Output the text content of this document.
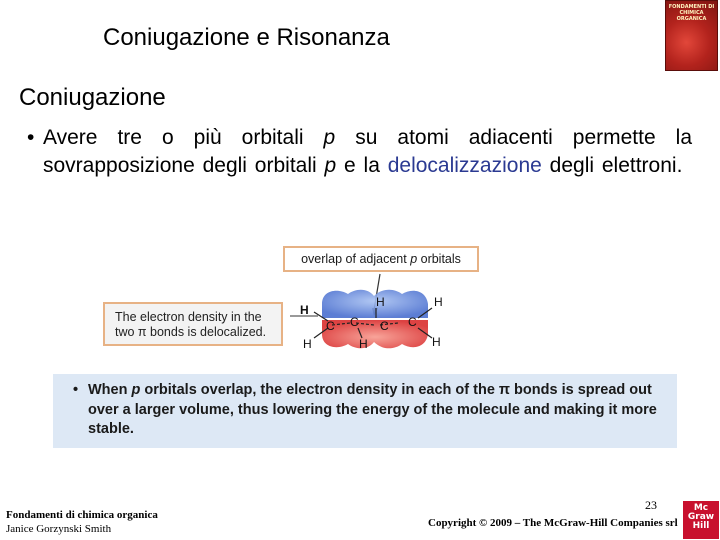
Coniugazione e Risonanza
FONDAMENTI DI CHIMICA ORGANICA
Coniugazione
• Avere tre o più orbitali p su atomi adiacenti permette la sovrapposizione degli orbitali p e la delocalizzazione degli elettroni.
overlap of adjacent p orbitals
The electron density in the
two π bonds is delocalized.
H
H
H
H
H
H
C C C C
• When p orbitals overlap, the electron density in each of the π bonds is spread out over a larger volume, thus lowering the energy of the molecule and making it more stable.
Fondamenti di chimica organica
Janice Gorzynski Smith
23
Copyright © 2009 – The McGraw-Hill Companies srl
Mc
Graw
Hill
